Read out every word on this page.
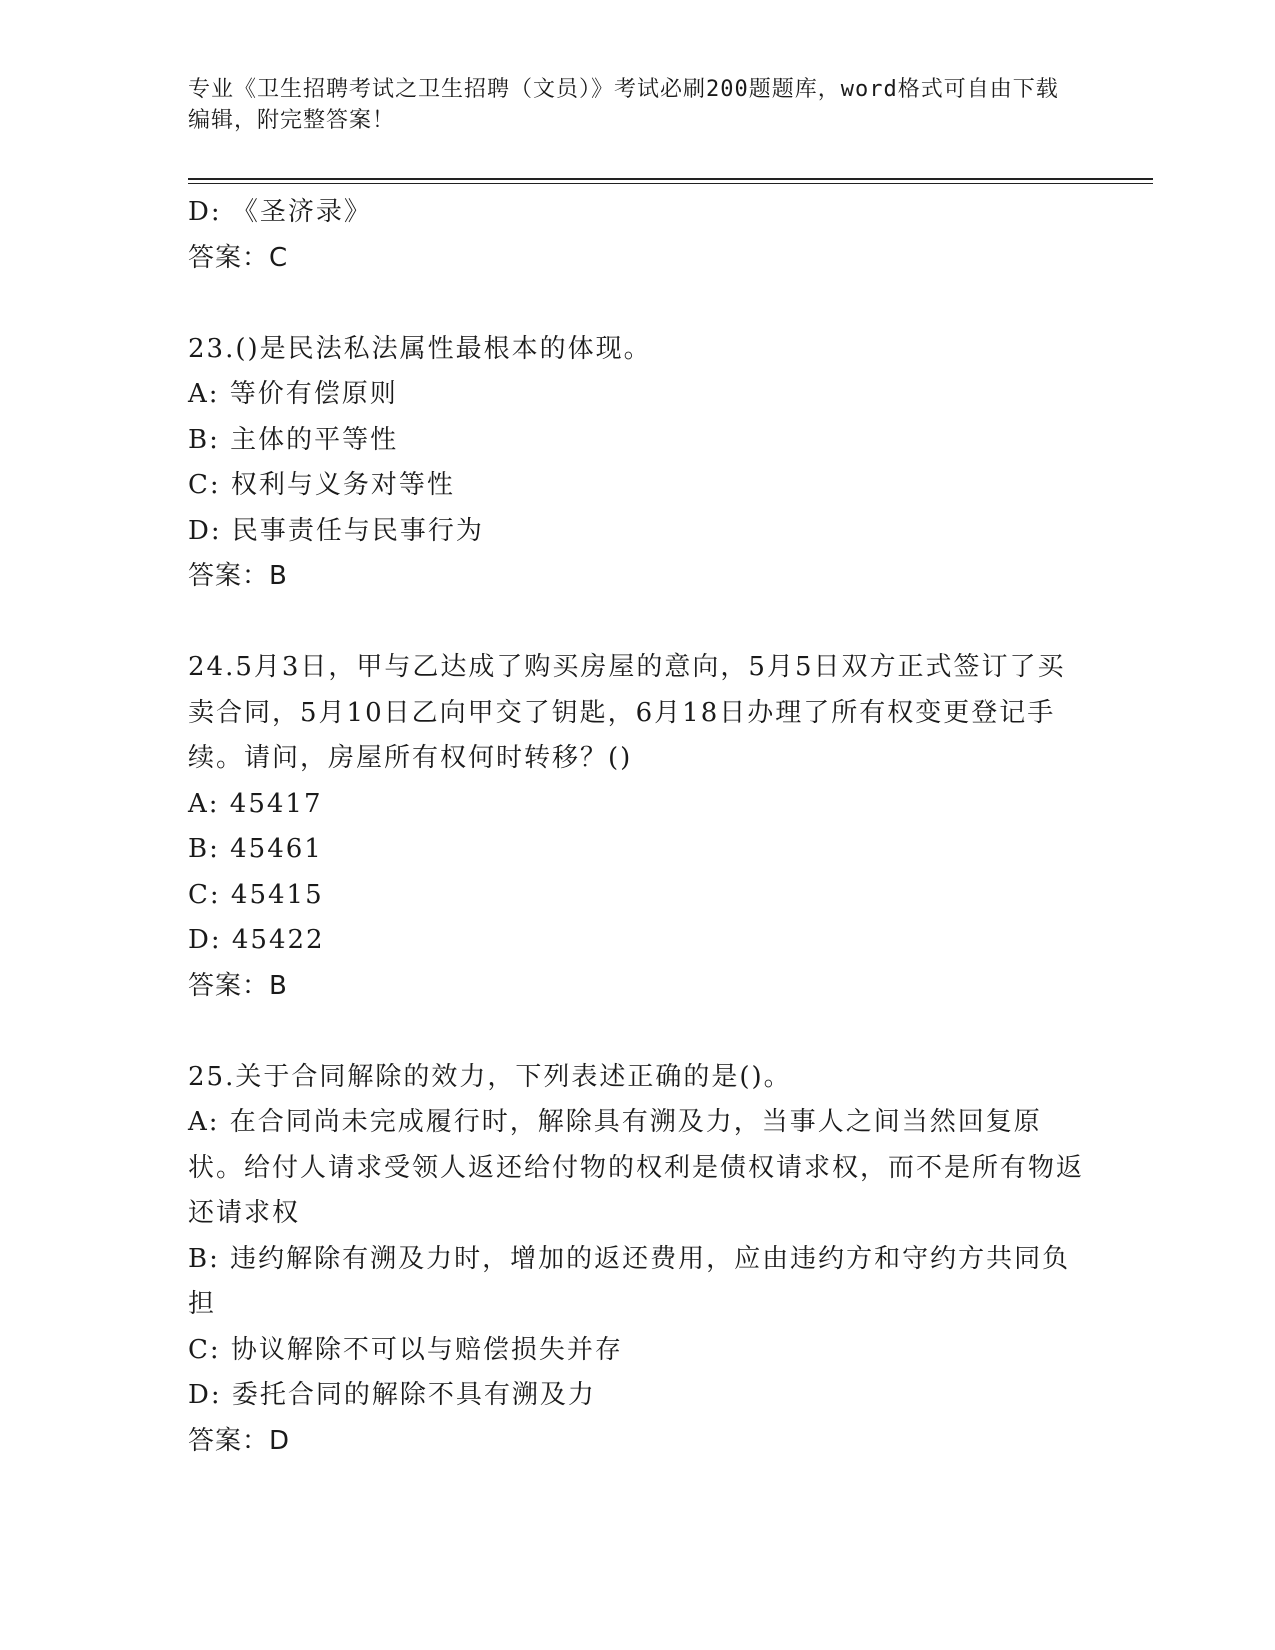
专业《卫生招聘考试之卫生招聘（文员）》考试必刷200题题库，word格式可自由下载编辑，附完整答案！

D: 《圣济录》

答案：C

23.()是民法私法属性最根本的体现。

A: 等价有偿原则

B: 主体的平等性

C: 权利与义务对等性

D: 民事责任与民事行为

答案：B

24.5月3日，甲与乙达成了购买房屋的意向，5月5日双方正式签订了买卖合同，5月10日乙向甲交了钥匙，6月18日办理了所有权变更登记手续。请问，房屋所有权何时转移？()

A: 45417

B: 45461

C: 45415

D: 45422

答案：B

25.关于合同解除的效力，下列表述正确的是()。

A: 在合同尚未完成履行时，解除具有溯及力，当事人之间当然回复原状。给付人请求受领人返还给付物的权利是债权请求权，而不是所有物返还请求权

B: 违约解除有溯及力时，增加的返还费用，应由违约方和守约方共同负担

C: 协议解除不可以与赔偿损失并存

D: 委托合同的解除不具有溯及力

答案：D
